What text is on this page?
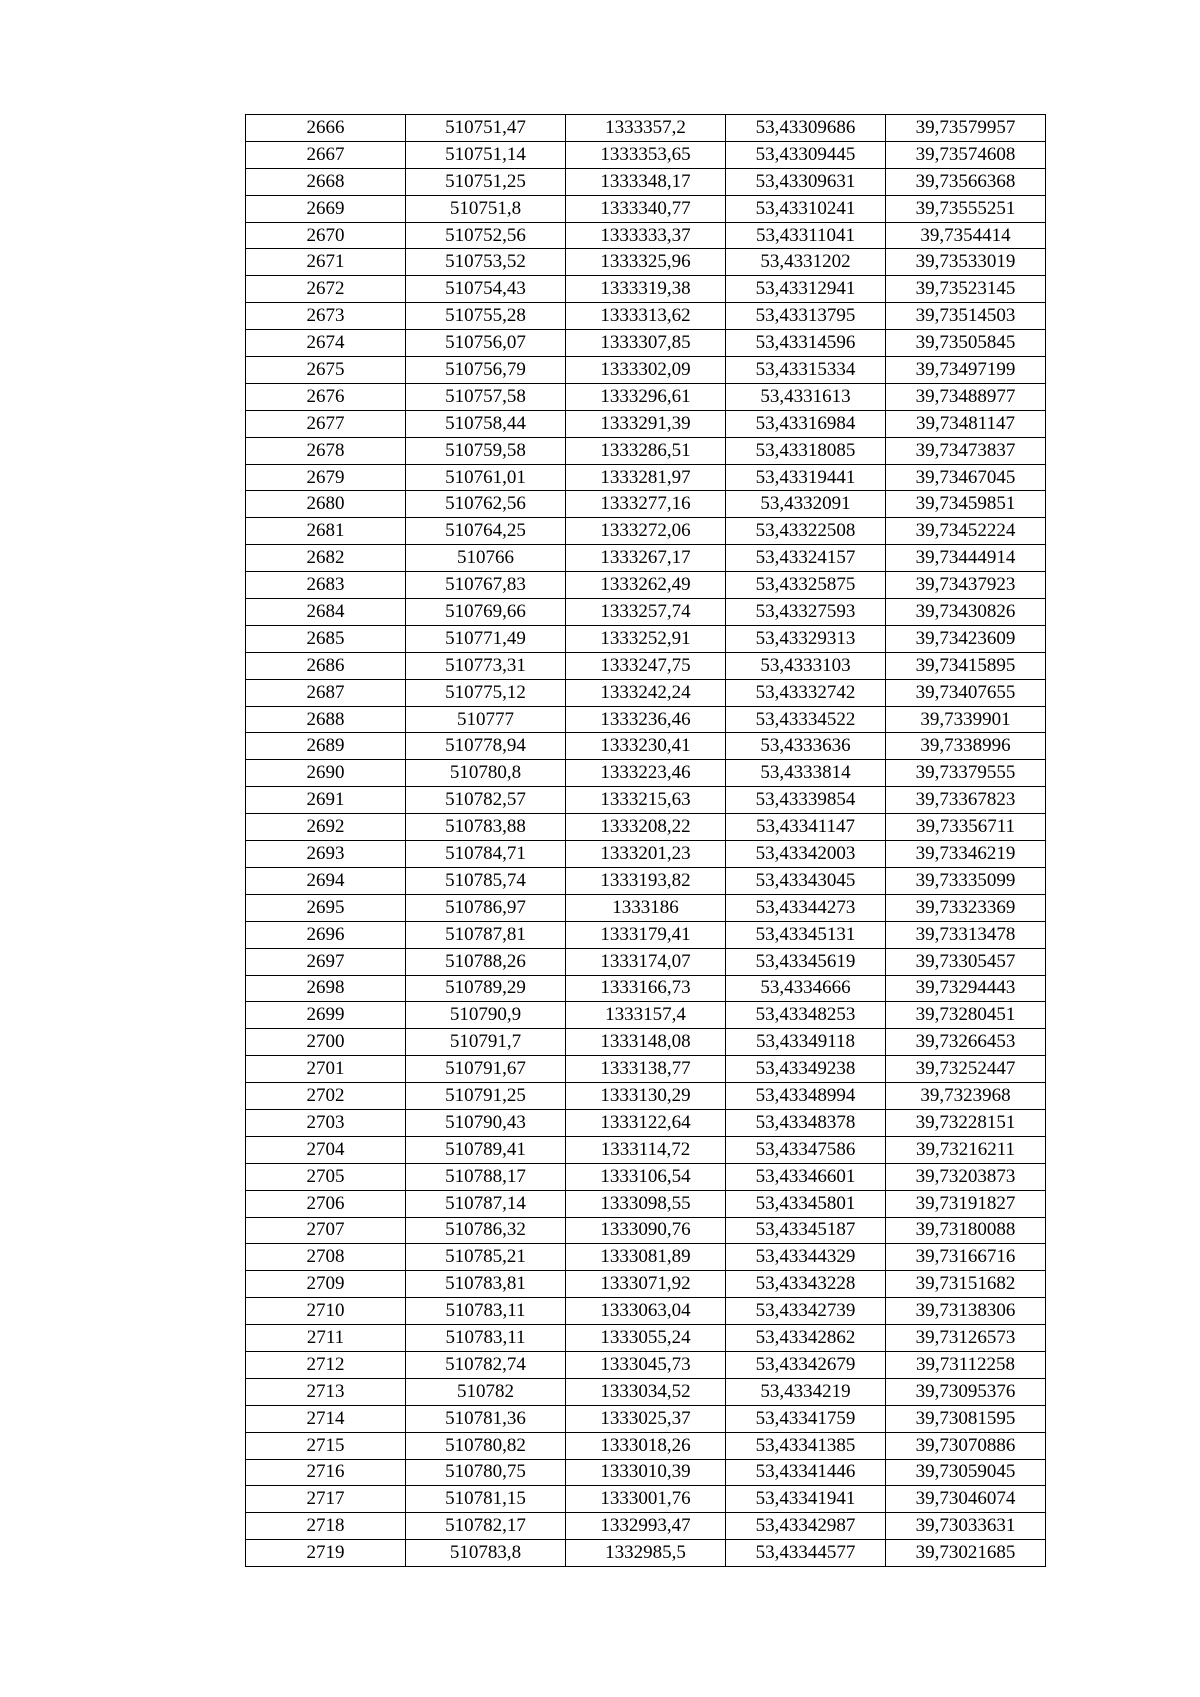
2666	510751,47	1333357,2	53,43309686	39,73579957
2667	510751,14	1333353,65	53,43309445	39,73574608
2668	510751,25	1333348,17	53,43309631	39,73566368
2669	510751,8	1333340,77	53,43310241	39,73555251
2670	510752,56	1333333,37	53,43311041	39,7354414
2671	510753,52	1333325,96	53,4331202	39,73533019
2672	510754,43	1333319,38	53,43312941	39,73523145
2673	510755,28	1333313,62	53,43313795	39,73514503
2674	510756,07	1333307,85	53,43314596	39,73505845
2675	510756,79	1333302,09	53,43315334	39,73497199
2676	510757,58	1333296,61	53,4331613	39,73488977
2677	510758,44	1333291,39	53,43316984	39,73481147
2678	510759,58	1333286,51	53,43318085	39,73473837
2679	510761,01	1333281,97	53,43319441	39,73467045
2680	510762,56	1333277,16	53,4332091	39,73459851
2681	510764,25	1333272,06	53,43322508	39,73452224
2682	510766	1333267,17	53,43324157	39,73444914
2683	510767,83	1333262,49	53,43325875	39,73437923
2684	510769,66	1333257,74	53,43327593	39,73430826
2685	510771,49	1333252,91	53,43329313	39,73423609
2686	510773,31	1333247,75	53,4333103	39,73415895
2687	510775,12	1333242,24	53,43332742	39,73407655
2688	510777	1333236,46	53,43334522	39,7339901
2689	510778,94	1333230,41	53,4333636	39,7338996
2690	510780,8	1333223,46	53,4333814	39,73379555
2691	510782,57	1333215,63	53,43339854	39,73367823
2692	510783,88	1333208,22	53,43341147	39,73356711
2693	510784,71	1333201,23	53,43342003	39,73346219
2694	510785,74	1333193,82	53,43343045	39,73335099
2695	510786,97	1333186	53,43344273	39,73323369
2696	510787,81	1333179,41	53,43345131	39,73313478
2697	510788,26	1333174,07	53,43345619	39,73305457
2698	510789,29	1333166,73	53,4334666	39,73294443
2699	510790,9	1333157,4	53,43348253	39,73280451
2700	510791,7	1333148,08	53,43349118	39,73266453
2701	510791,67	1333138,77	53,43349238	39,73252447
2702	510791,25	1333130,29	53,43348994	39,7323968
2703	510790,43	1333122,64	53,43348378	39,73228151
2704	510789,41	1333114,72	53,43347586	39,73216211
2705	510788,17	1333106,54	53,43346601	39,73203873
2706	510787,14	1333098,55	53,43345801	39,73191827
2707	510786,32	1333090,76	53,43345187	39,73180088
2708	510785,21	1333081,89	53,43344329	39,73166716
2709	510783,81	1333071,92	53,43343228	39,73151682
2710	510783,11	1333063,04	53,43342739	39,73138306
2711	510783,11	1333055,24	53,43342862	39,73126573
2712	510782,74	1333045,73	53,43342679	39,73112258
2713	510782	1333034,52	53,4334219	39,73095376
2714	510781,36	1333025,37	53,43341759	39,73081595
2715	510780,82	1333018,26	53,43341385	39,73070886
2716	510780,75	1333010,39	53,43341446	39,73059045
2717	510781,15	1333001,76	53,43341941	39,73046074
2718	510782,17	1332993,47	53,43342987	39,73033631
2719	510783,8	1332985,5	53,43344577	39,73021685
